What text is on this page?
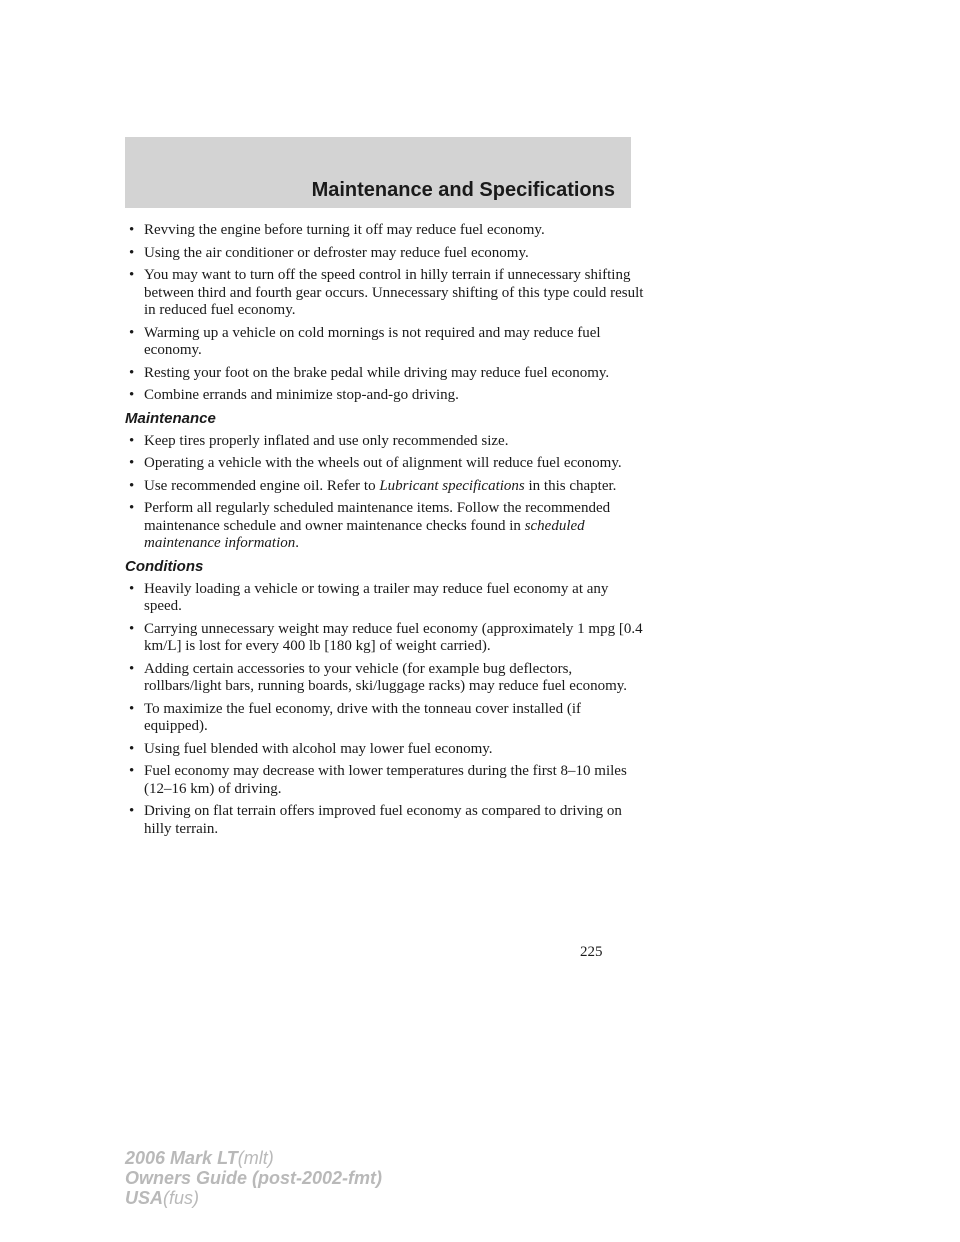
Maintenance and Specifications
• Revving the engine before turning it off may reduce fuel economy.
• Using the air conditioner or defroster may reduce fuel economy.
• You may want to turn off the speed control in hilly terrain if unnecessary shifting between third and fourth gear occurs. Unnecessary shifting of this type could result in reduced fuel economy.
• Warming up a vehicle on cold mornings is not required and may reduce fuel economy.
• Resting your foot on the brake pedal while driving may reduce fuel economy.
• Combine errands and minimize stop-and-go driving.
Maintenance
• Keep tires properly inflated and use only recommended size.
• Operating a vehicle with the wheels out of alignment will reduce fuel economy.
• Use recommended engine oil. Refer to Lubricant specifications in this chapter.
• Perform all regularly scheduled maintenance items. Follow the recommended maintenance schedule and owner maintenance checks found in scheduled maintenance information.
Conditions
• Heavily loading a vehicle or towing a trailer may reduce fuel economy at any speed.
• Carrying unnecessary weight may reduce fuel economy (approximately 1 mpg [0.4 km/L] is lost for every 400 lb [180 kg] of weight carried).
• Adding certain accessories to your vehicle (for example bug deflectors, rollbars/light bars, running boards, ski/luggage racks) may reduce fuel economy.
• To maximize the fuel economy, drive with the tonneau cover installed (if equipped).
• Using fuel blended with alcohol may lower fuel economy.
• Fuel economy may decrease with lower temperatures during the first 8–10 miles (12–16 km) of driving.
• Driving on flat terrain offers improved fuel economy as compared to driving on hilly terrain.
225
2006 Mark LT(mlt)
Owners Guide (post-2002-fmt)
USA(fus)
